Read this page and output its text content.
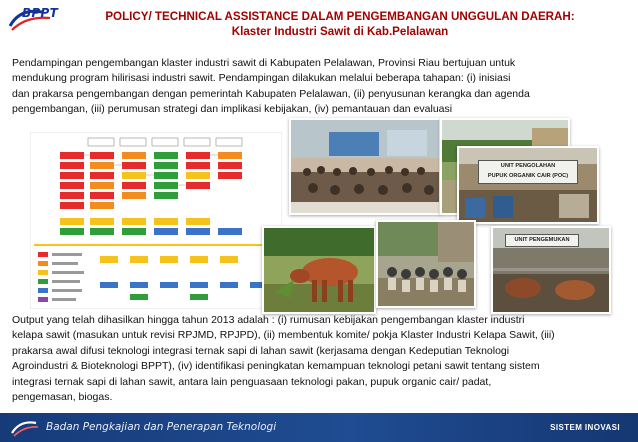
BPPT	POLICY/ TECHNICAL ASSISTANCE DALAM PENGEMBANGAN UNGGULAN DAERAH:
Klaster Industri Sawit di Kab.Pelalawan
Pendampingan pengembangan klaster industri sawit di Kabupaten Pelalawan, Provinsi Riau bertujuan untuk
mendukung program hilirisasi industri sawit. Pendampingan dilakukan melalui beberapa tahapan: (i) inisiasi
dan prakarsa pengembangan dengan pemerintah Kabupaten Pelalawan, (ii) penyusunan kerangka dan agenda
pengembangan, (iii) perumusan strategi dan implikasi kebijakan, (iv) pemantauan dan evaluasi
UNIT PENGOLAHAN
PUPUK ORGANIK CAIR (POC)
UNIT PENGEMUKAN
Output yang telah dihasilkan hingga tahun 2013 adalah : (i) rumusan kebijakan pengembangan klaster industri
kelapa sawit (masukan untuk revisi RPJMD, RPJPD), (ii) membentuk komite/ pokja Klaster Industri Kelapa Sawit, (iii)
prakarsa awal difusi teknologi integrasi ternak sapi di lahan sawit (kerjasama dengan Kedeputian Teknologi
Agroindustri & Bioteknologi BPPT), (iv) identifikasi peningkatan kemampuan teknologi petani sawit tentang sistem
integrasi ternak sapi di lahan sawit, antara lain penguasaan teknologi pakan, pupuk organic cair/ padat,
pengemasan, biogas.
Badan Pengkajian dan Penerapan Teknologi	SISTEM INOVASI
